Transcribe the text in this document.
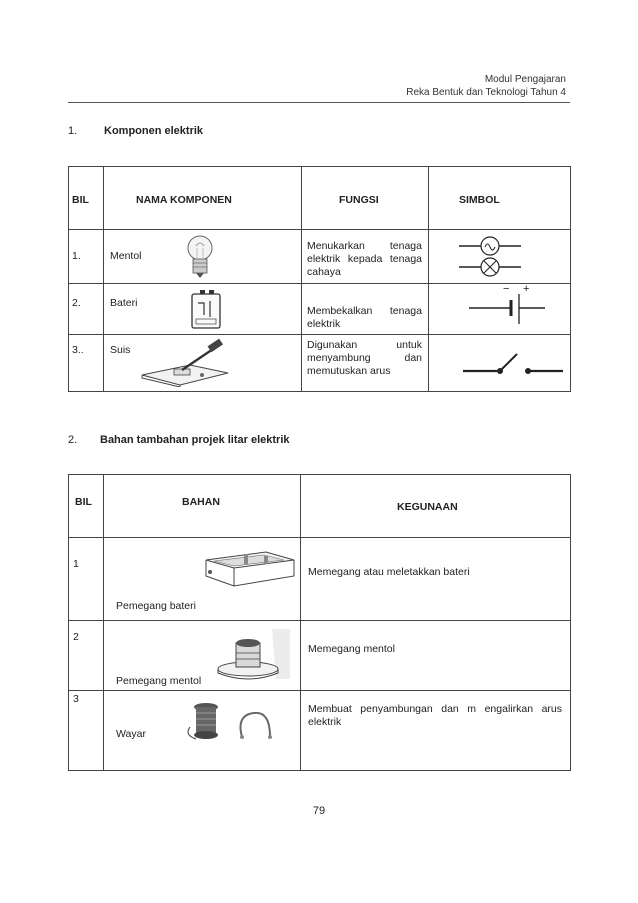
Modul Pengajaran
Reka Bentuk dan Teknologi Tahun 4
1. Komponen elektrik
BIL	NAMA KOMPONEN	FUNGSI	SIMBOL

1.	Mentol	Menukarkan tenaga elektrik kepada tenaga cahaya

2.	Bateri	Membekalkan tenaga elektrik	− +

3..	Suis	Digunakan untuk menyambung dan memutuskan arus

2. Bahan tambahan projek litar elektrik
BIL	BAHAN	KEGUNAAN

1	Pemegang bateri	Memegang atau meletakkan bateri

2	Pemegang mentol	Memegang mentol

3	Wayar	Membuat penyambungan dan m engalirkan arus elektrik
79
